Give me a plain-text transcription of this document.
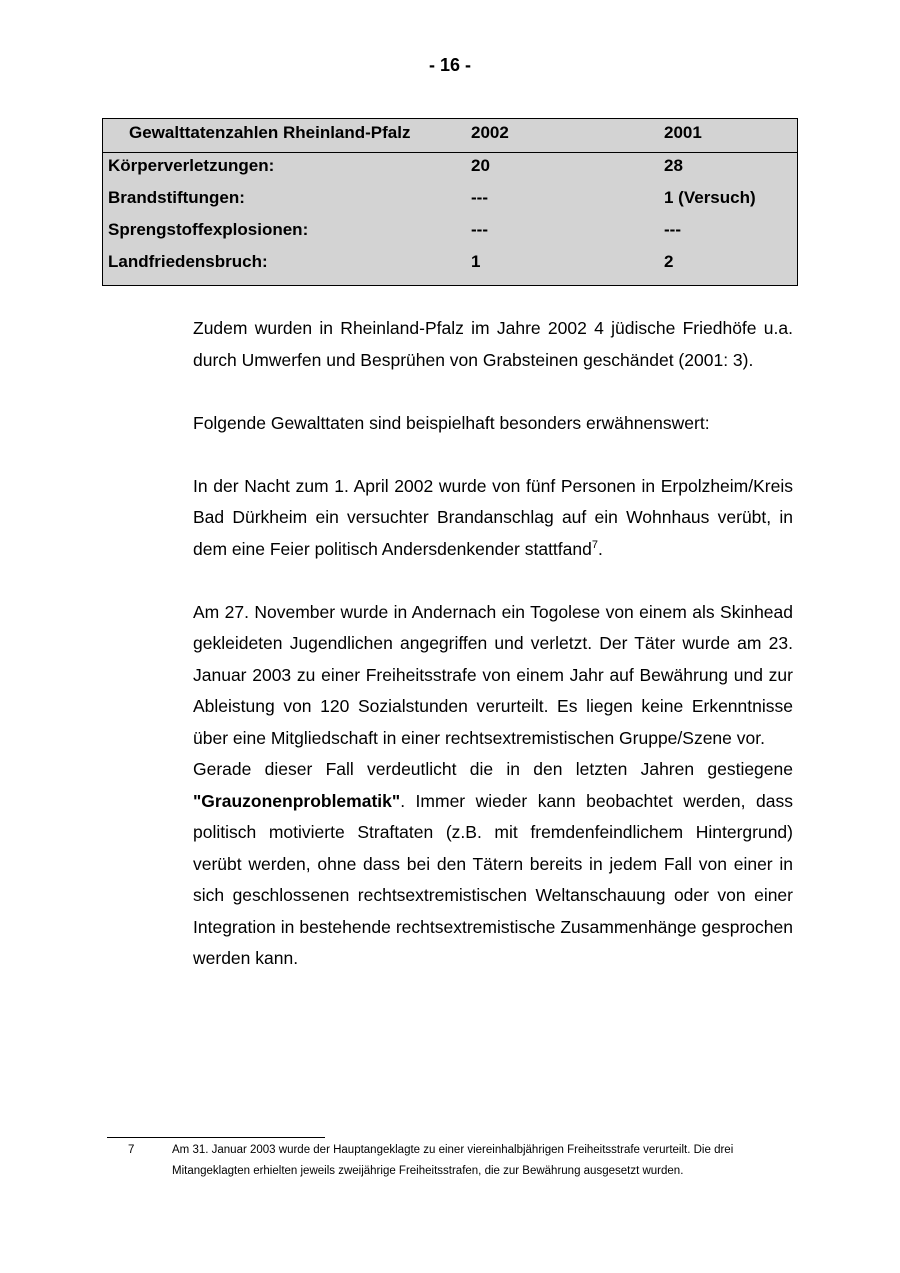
- 16 -
Gewalttatenzahlen Rheinland-Pfalz	2002	2001
Körperverletzungen:	20	28
Brandstiftungen:	---	1 (Versuch)
Sprengstoffexplosionen:	---	---
Landfriedensbruch:	1	2

Zudem wurden in Rheinland-Pfalz im Jahre 2002 4 jüdische Friedhöfe u.a. durch Umwerfen und Besprühen von Grabsteinen geschändet (2001: 3).

Folgende Gewalttaten sind beispielhaft besonders erwähnenswert:

In der Nacht zum 1. April 2002 wurde von fünf Personen in Erpolzheim/Kreis Bad Dürkheim ein versuchter Brandanschlag auf ein Wohnhaus verübt, in dem eine Feier politisch Andersdenkender stattfand$^7$.

Am 27. November wurde in Andernach ein Togolese von einem als Skinhead gekleideten Jugendlichen angegriffen und verletzt. Der Täter wurde am 23. Januar 2003 zu einer Freiheitsstrafe von einem Jahr auf Bewährung und zur Ableistung von 120 Sozialstunden verurteilt. Es liegen keine Erkenntnisse über eine Mitgliedschaft in einer rechtsextremistischen Gruppe/Szene vor.

Gerade dieser Fall verdeutlicht die in den letzten Jahren gestiegene "Grauzonenproblematik". Immer wieder kann beobachtet werden, dass politisch motivierte Straftaten (z.B. mit fremdenfeindlichem Hintergrund) verübt werden, ohne dass bei den Tätern bereits in jedem Fall von einer in sich geschlossenen rechtsextremistischen Weltanschauung oder von einer Integration in bestehende rechtsextremistische Zusammenhänge gesprochen werden kann.

7	Am 31. Januar 2003 wurde der Hauptangeklagte zu einer viereinhalbjährigen Freiheitsstrafe verurteilt. Die drei Mitangeklagten erhielten jeweils zweijährige Freiheitsstrafen, die zur Bewährung ausgesetzt wurden.
